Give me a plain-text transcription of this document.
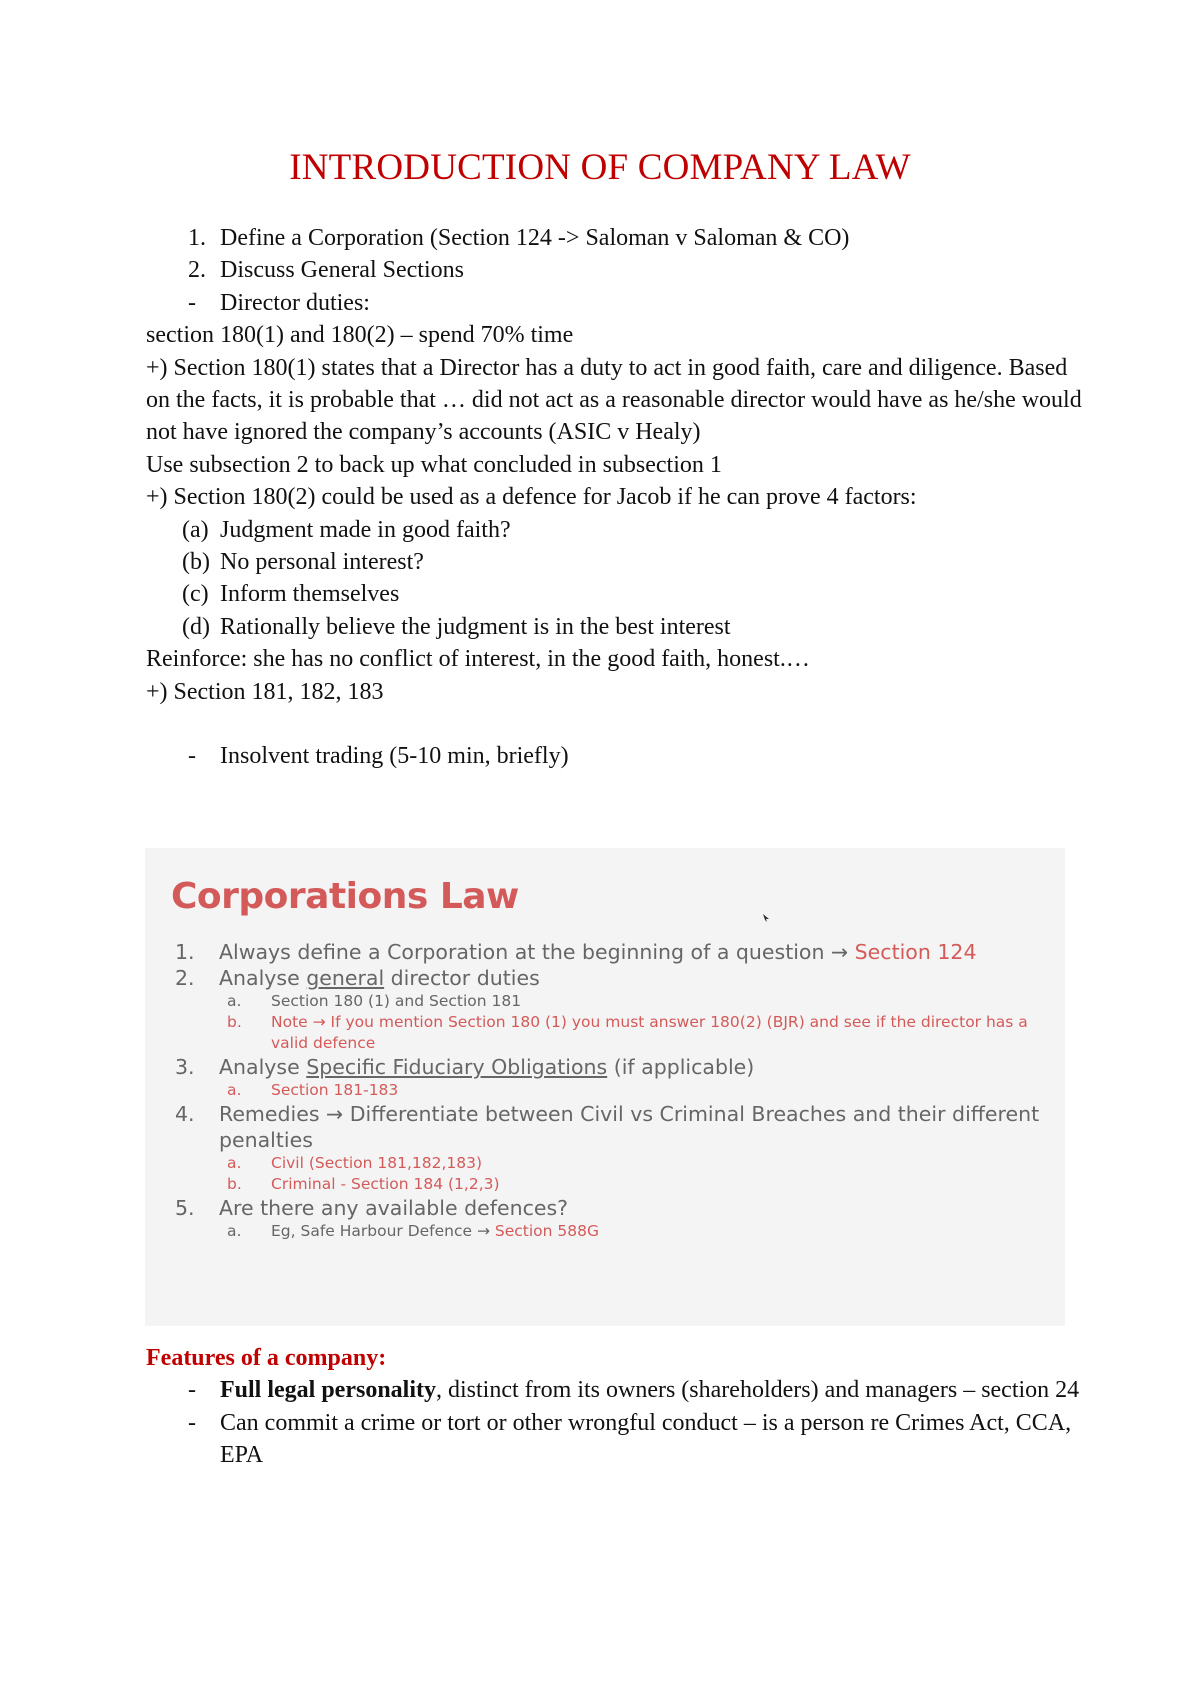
INTRODUCTION OF COMPANY LAW
1. Define a Corporation (Section 124 -> Saloman v Saloman & CO)
2. Discuss General Sections
-	Director duties:
section 180(1) and 180(2) – spend 70% time
+) Section 180(1) states that a Director has a duty to act in good faith, care and diligence. Based on the facts, it is probable that … did not act as a reasonable director would have as he/she would not have ignored the company’s accounts (ASIC v Healy)
Use subsection 2 to back up what concluded in subsection 1
+) Section 180(2) could be used as a defence for Jacob if he can prove 4 factors:
(a) Judgment made in good faith?
(b) No personal interest?
(c) Inform themselves
(d) Rationally believe the judgment is in the best interest
Reinforce: she has no conflict of interest, in the good faith, honest.…
+) Section 181, 182, 183
-	Insolvent trading (5-10 min, briefly)
Corporations Law
1.	Always define a Corporation at the beginning of a question → Section 124
2.	Analyse general director duties
a.	Section 180 (1) and Section 181
b.	Note → If you mention Section 180 (1) you must answer 180(2) (BJR) and see if the director has a valid defence
3.	Analyse Specific Fiduciary Obligations (if applicable)
a.	Section 181-183
4.	Remedies → Differentiate between Civil vs Criminal Breaches and their different penalties
a.	Civil (Section 181,182,183)
b.	Criminal - Section 184 (1,2,3)
5.	Are there any available defences?
a.	Eg, Safe Harbour Defence → Section 588G
Features of a company:
-	Full legal personality, distinct from its owners (shareholders) and managers – section 24
-	Can commit a crime or tort or other wrongful conduct – is a person re Crimes Act, CCA, EPA
